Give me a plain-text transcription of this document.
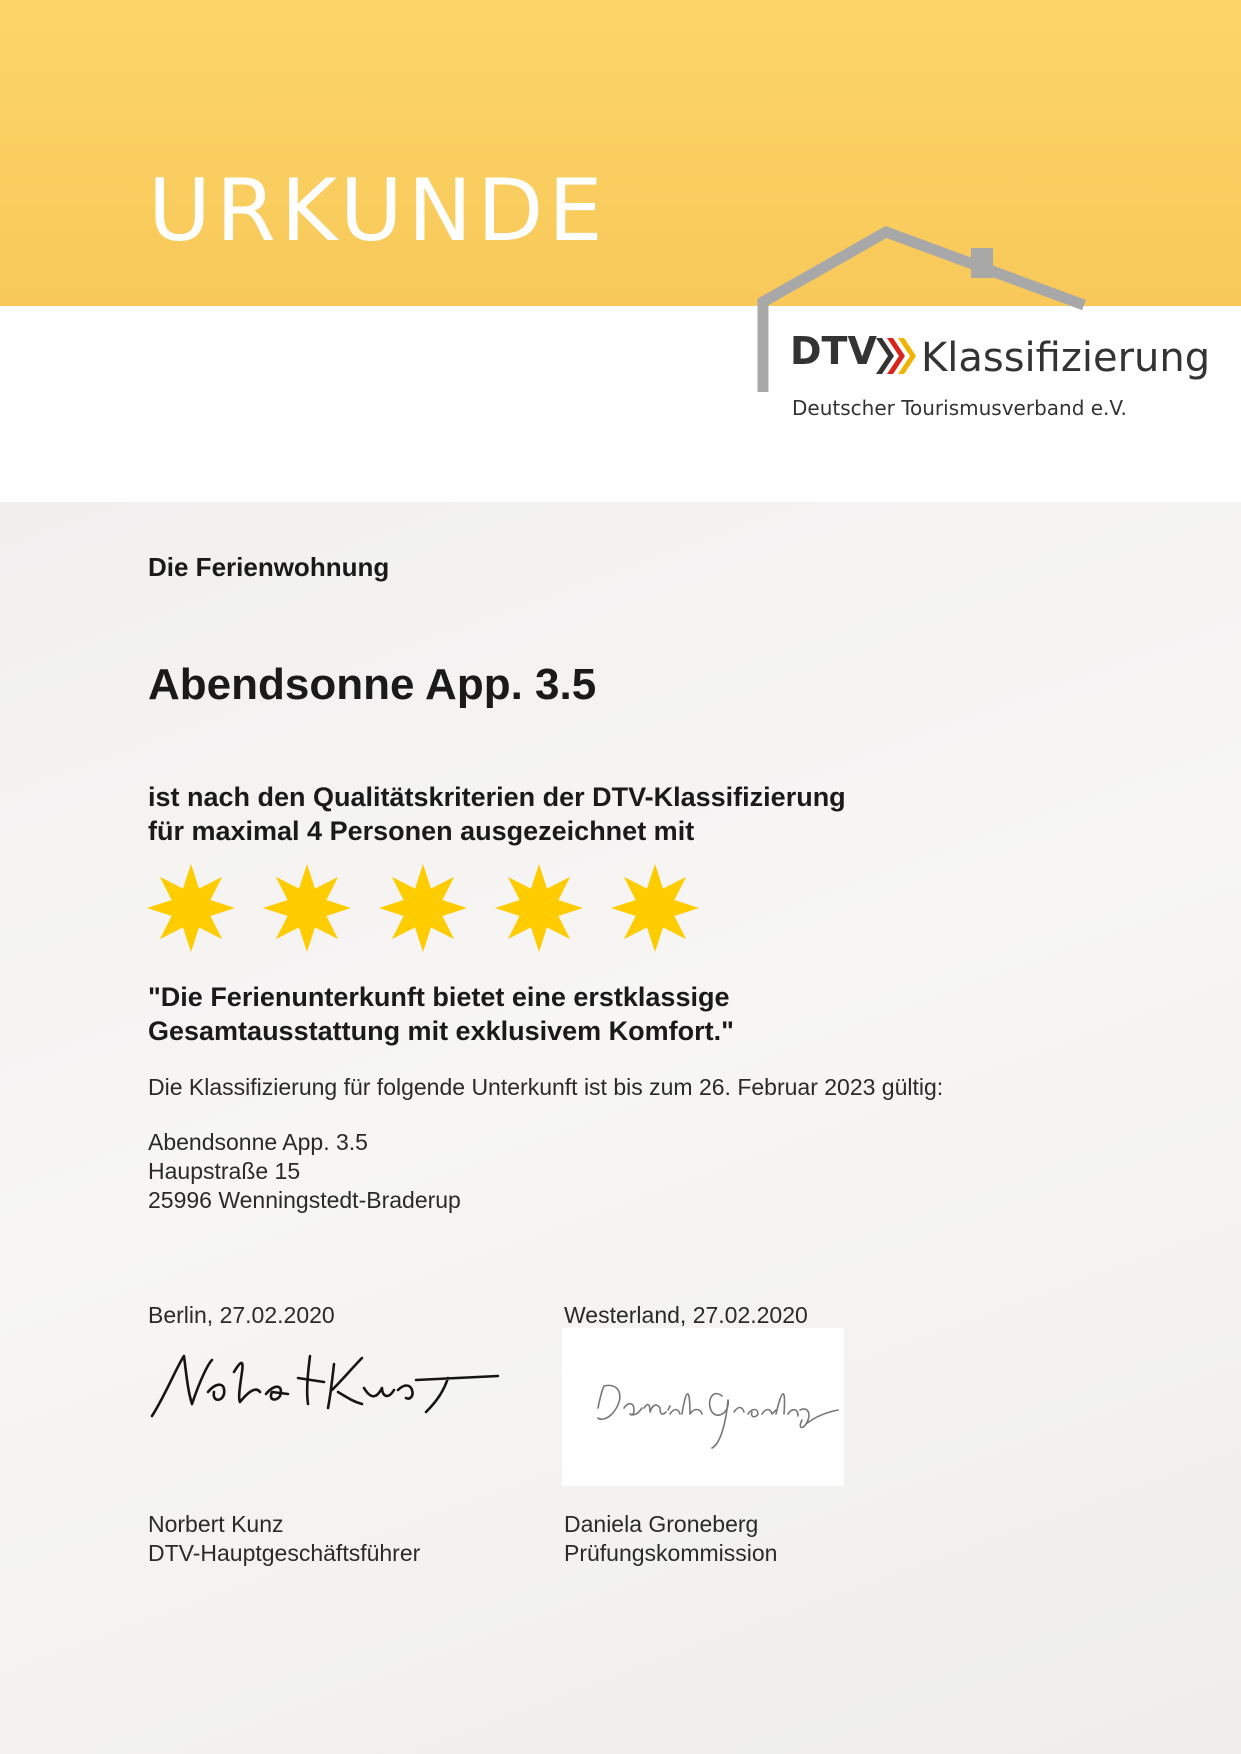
URKUNDE
DTV Klassifizierung
Deutscher Tourismusverband e.V.
Die Ferienwohnung
Abendsonne App. 3.5
ist nach den Qualitätskriterien der DTV-Klassifizierung
für maximal 4 Personen ausgezeichnet mit
"Die Ferienunterkunft bietet eine erstklassige
Gesamtausstattung mit exklusivem Komfort."
Die Klassifizierung für folgende Unterkunft ist bis zum 26. Februar 2023 gültig:
Abendsonne App. 3.5
Haupstraße 15
25996 Wenningstedt-Braderup
Berlin, 27.02.2020
Norbert Kunz
DTV-Hauptgeschäftsführer
Westerland, 27.02.2020
Daniela Groneberg
Prüfungskommission
